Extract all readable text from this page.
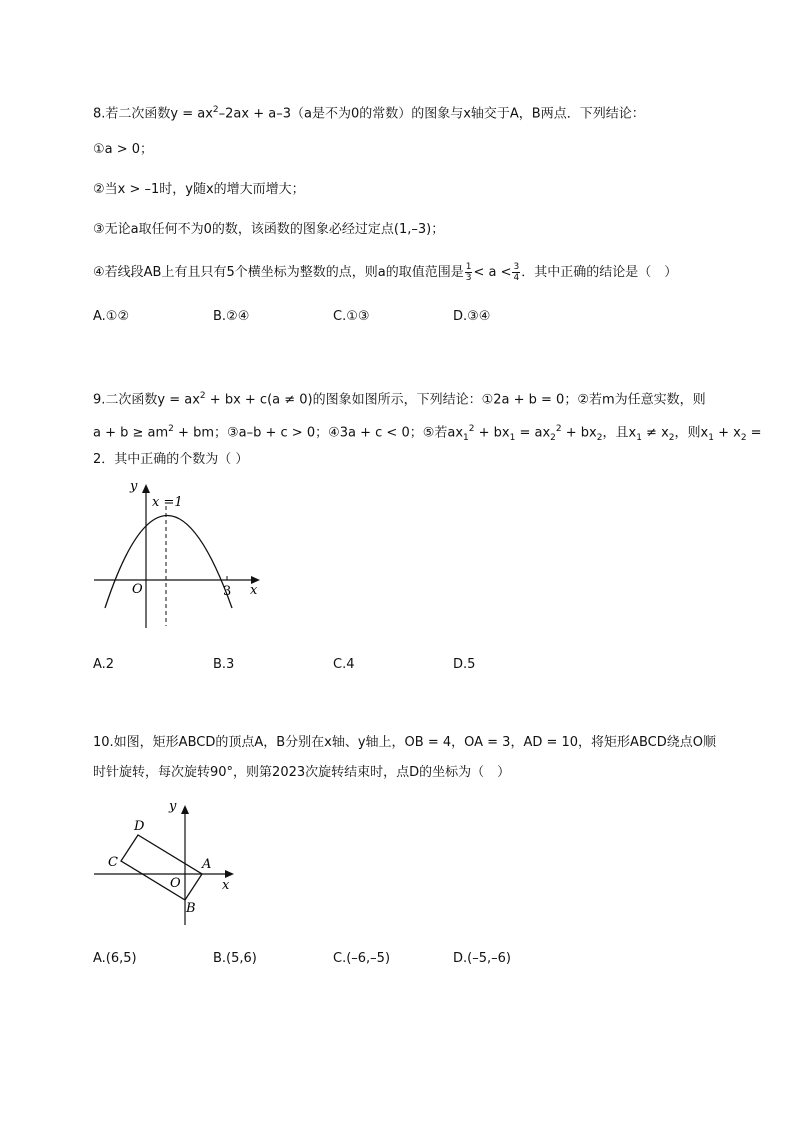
8.若二次函数$y = ax^2-2ax + a-3(a$是不为0的常数）的图象与x轴交于A，B两点．下列结论：
①a > 0；
②当x > –1时，y随x的增大而增大；
③无论a取任何不为0的数，该函数的图象必经过定点(1,–3)；
④若线段AB上有且只有5个横坐标为整数的点，则a的取值范围是 $\frac{1}{3} < a < \frac{3}{4}$ ．其中正确的结论是（　）
A.①②	B.②④	C.①③	D.③④
9.二次函数$y = ax^2$ + bx + c(a ≠ 0)的图象如图所示，下列结论：①2a + b = 0；②若m为任意实数，则
$a + b \ge am^2$ + bm；③a–b + c > 0；④3a + c < 0；⑤若$ax_1^2 + bx_1 = ax_2^2 + bx_2$，且$x_1 \ne x_2$，则$x_1 + x_2$ =
2．其中正确的个数为（ ）
y
x
O
x =1
3
A.2	B.3	C.4	D.5
10.如图，矩形ABCD的顶点A，B分别在x轴、y轴上，OB = 4，OA = 3，AD = 10，将矩形ABCD绕点O顺
时针旋转，每次旋转90°，则第2023次旋转结束时，点D的坐标为（　）
y
x
O
A
B
C
D
A.(6,5)	B.(5,6)	C.(–6,–5)	D.(–5,–6)
